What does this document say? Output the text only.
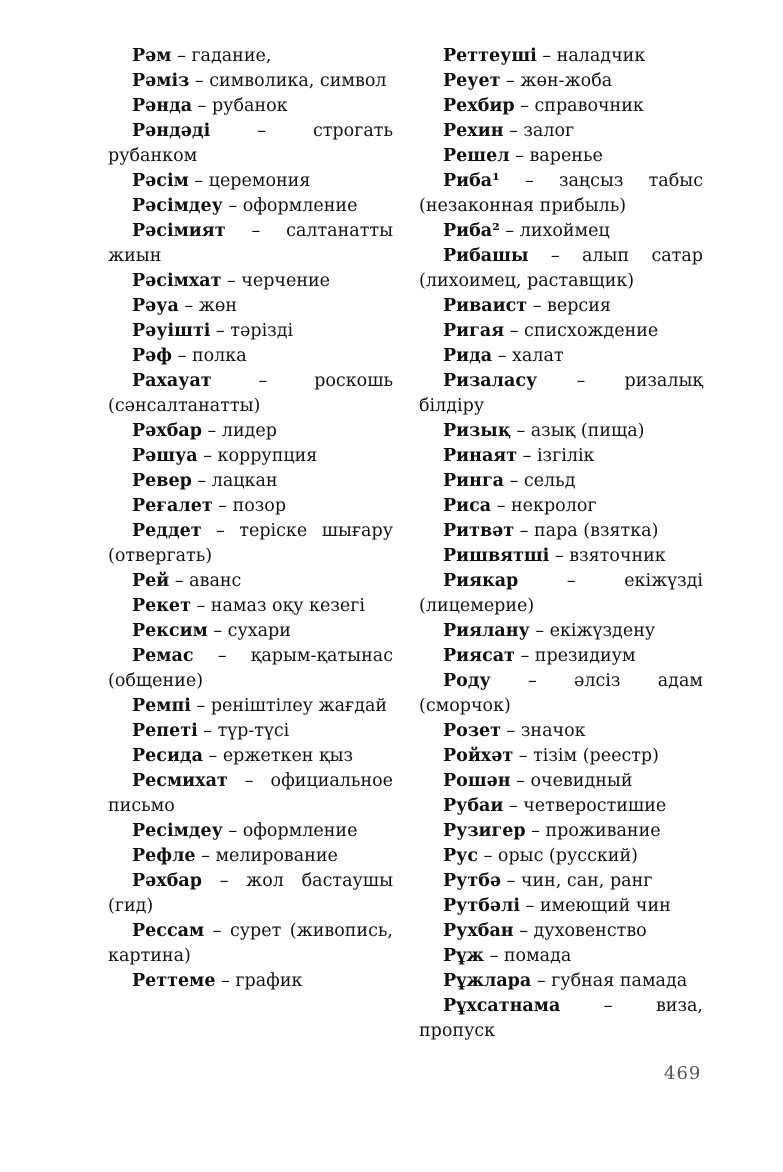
Рәм – гадание,

Рәміз – символика, символ

Рәнда – рубанок

Рәндәді – строгать рубанком

Рәсім – церемония

Рәсімдеу – оформление

Рәсімият – салтанатты жиын

Рәсімхат – черчение

Рәуа – жөн

Рәуішті – тәрізді

Рәф – полка

Рахауат – роскошь (сәнсалтанатты)

Рәхбар – лидер

Рәшуа – коррупция

Ревер – лацкан

Реғалет – позор

Реддет – теріске шығару (отвергать)

Рей – аванс

Рекет – намаз оқу кезегі

Рексим – сухари

Ремас – қарым-қатынас (общение)

Ремпі – реніштілеу жағдай

Репеті – түр-түсі

Ресида – ержеткен қыз

Ресмихат – официальное письмо

Ресімдеу – оформление

Рефле – мелирование

Рәхбар – жол бастаушы (гид)

Рессам – сурет (живопись, картина)

Реттеме – график

Реттеуші – наладчик

Реует – жөн-жоба

Рехбир – справочник

Рехин – залог

Решел – варенье

Риба¹ – заңсыз табыс (незаконная прибыль)

Риба² – лихоймец

Рибашы – алып сатар (лихоимец, раставщик)

Риваист – версия

Ригая – списхождение

Рида – халат

Ризаласу – ризалық білдіру

Ризық – азық (пища)

Ринаят – ізгілік

Ринга – сельд

Риса – некролог

Ритвәт – пара (взятка)

Ришвятші – взяточник

Риякар – екіжүзді (лицемерие)

Риялану – екіжүздену

Риясат – президиум

Роду – әлсіз адам (сморчок)

Розет – значок

Ройхәт – тізім (реестр)

Рошән – очевидный

Рубаи – четверостишие

Рузигер – проживание

Рус – орыс (русский)

Рутбә – чин, сан, ранг

Рутбәлі – имеющий чин

Рухбан – духовенство

Рұж – помада

Рұжлара – губная памада

Рұхсатнама – виза, пропуск

469
